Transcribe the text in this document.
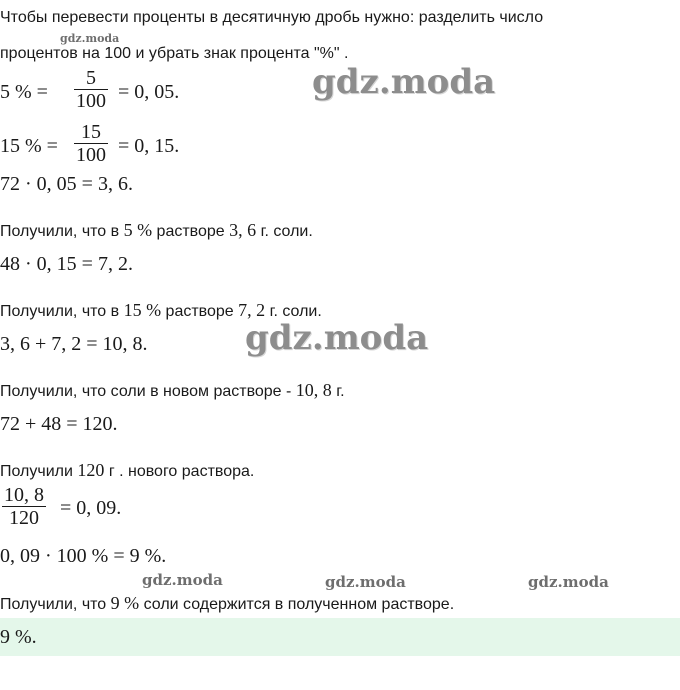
Чтобы перевести проценты в десятичную дробь нужно: разделить число
процентов на 100 и убрать знак процента "%" .
5 % = $\frac{5}{100} = 0$, 05.
15 % = $\frac{15}{100} = 0$, 15.
72 · 0, 05 = 3, 6.
Получили, что в 5 % растворе 3, 6 г. соли.
48 · 0, 15 = 7, 2.
Получили, что в 15 % растворе 7, 2 г. соли.
3, 6 + 7, 2 = 10, 8.
Получили, что соли в новом растворе - 10, 8 г.
72 + 48 = 120.
Получили 120 г . нового раствора.
$\frac{10, 8}{120} = 0$, 09.
0, 09 · 100 % = 9 %.
Получили, что 9 % соли содержится в полученном растворе.
9 %.
gdz.moda
gdz.moda
gdz.moda
gdz.moda	gdz.moda	gdz.moda
